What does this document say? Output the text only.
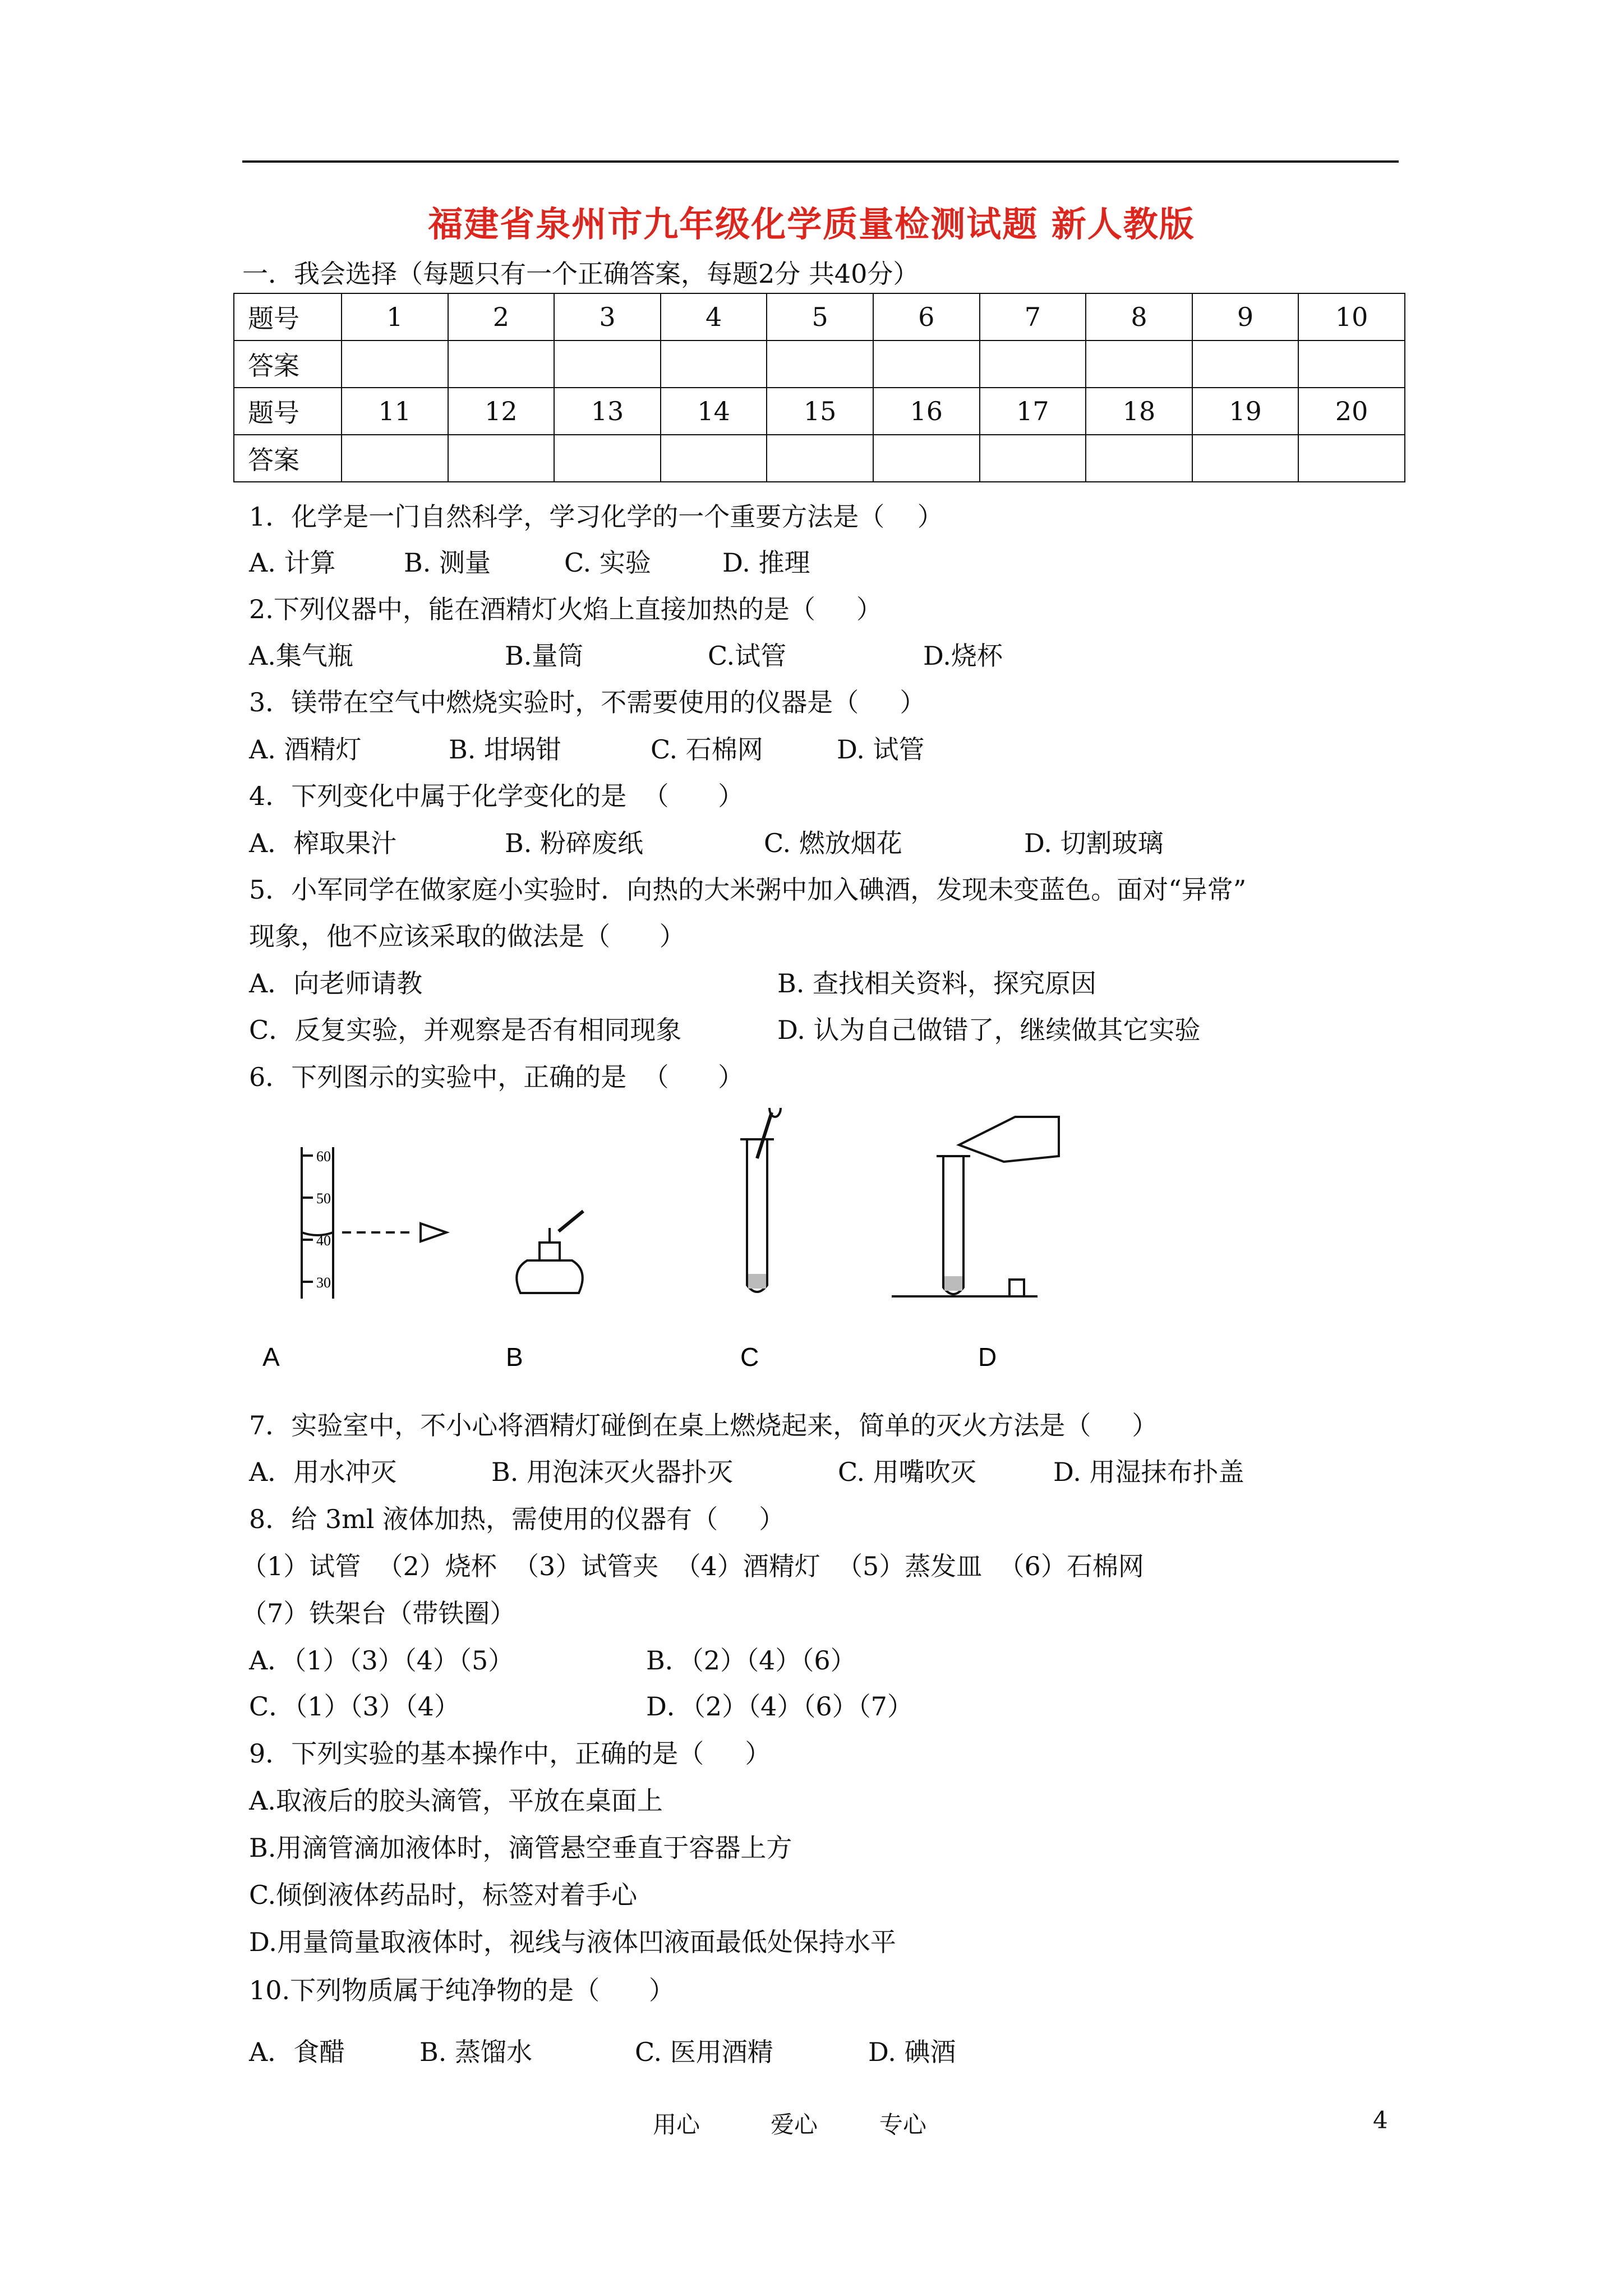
福建省泉州市九年级化学质量检测试题 新人教版
一．我会选择（每题只有一个正确答案，每题2分 共40分）
题号	1	2	3	4	5	6	7	8	9	10
答案										
题号	11	12	13	14	15	16	17	18	19	20
答案										
1．化学是一门自然科学，学习化学的一个重要方法是（    ）
A. 计算	B. 测量	C. 实验	D. 推理
2.下列仪器中，能在酒精灯火焰上直接加热的是（     ）
A.集气瓶	B.量筒	C.试管	D.烧杯
3．镁带在空气中燃烧实验时，不需要使用的仪器是（     ）
A. 酒精灯	B. 坩埚钳	C. 石棉网	D. 试管
4．下列变化中属于化学变化的是  （      ）
A．榨取果汁	B. 粉碎废纸	C. 燃放烟花	D. 切割玻璃
5．小军同学在做家庭小实验时．向热的大米粥中加入碘酒，发现未变蓝色。面对“异常”
现象，他不应该采取的做法是（      ）
A．向老师请教	B. 查找相关资料，探究原因
C．反复实验，并观察是否有相同现象	D. 认为自己做错了，继续做其它实验
6．下列图示的实验中，正确的是  （      ）
60
50
40
30
A	B	C	D
7．实验室中，不小心将酒精灯碰倒在桌上燃烧起来，简单的灭火方法是（     ）
A．用水冲灭	B. 用泡沫灭火器扑灭	C. 用嘴吹灭	D. 用湿抹布扑盖
8．给 3ml 液体加热，需使用的仪器有（     ）
（1）试管  （2）烧杯  （3）试管夹  （4）酒精灯  （5）蒸发皿  （6）石棉网
（7）铁架台（带铁圈）
A．（1）（3）（4）（5）	B．（2）（4）（6）
C．（1）（3）（4）	D．（2）（4）（6）（7）
9．下列实验的基本操作中，正确的是（     ）
A.取液后的胶头滴管，平放在桌面上
B.用滴管滴加液体时，滴管悬空垂直于容器上方
C.倾倒液体药品时，标签对着手心
D.用量筒量取液体时，视线与液体凹液面最低处保持水平
10.下列物质属于纯净物的是（      ）
A．食醋	B. 蒸馏水	C. 医用酒精	D. 碘酒
用心	爱心	专心	4
